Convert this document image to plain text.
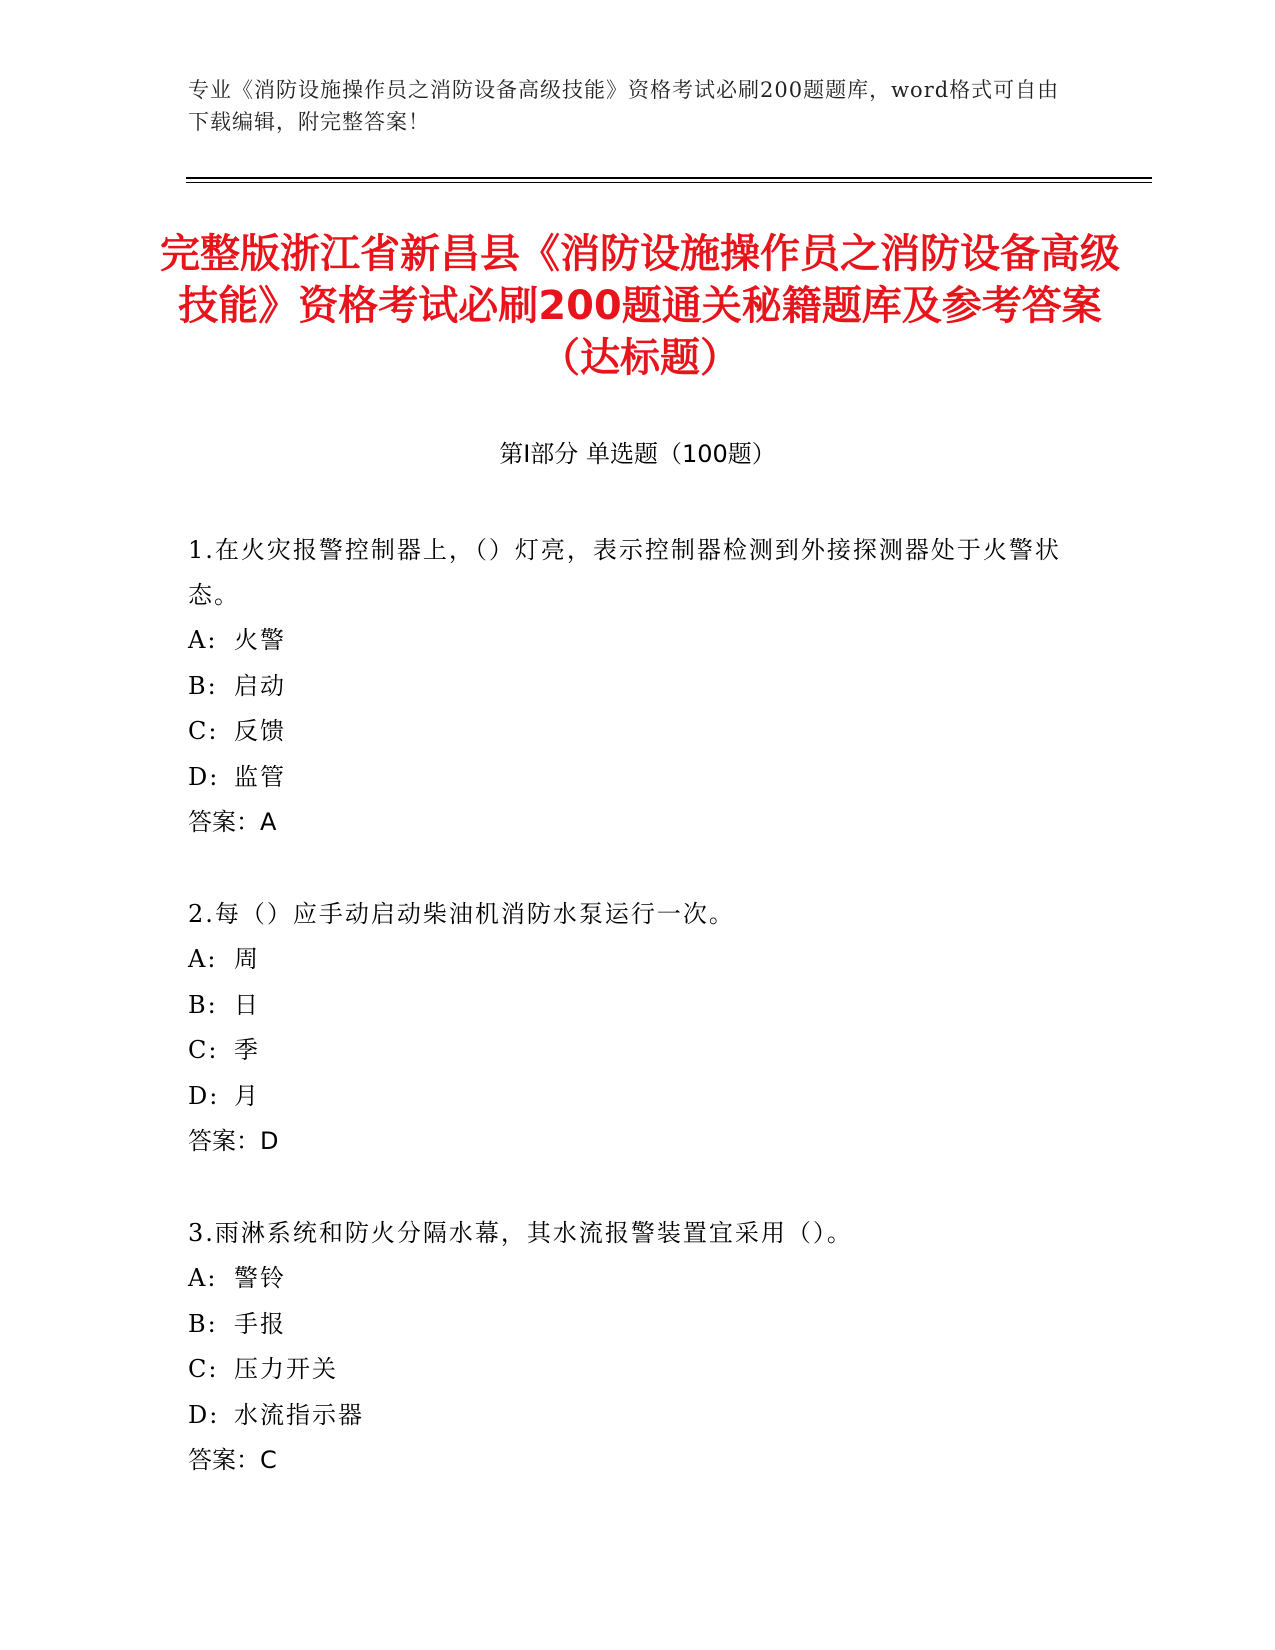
专业《消防设施操作员之消防设备高级技能》资格考试必刷200题题库，word格式可自由下载编辑，附完整答案！
完整版浙江省新昌县《消防设施操作员之消防设备高级技能》资格考试必刷200题通关秘籍题库及参考答案（达标题）
第I部分 单选题（100题）

1.在火灾报警控制器上，（）灯亮，表示控制器检测到外接探测器处于火警状态。

A: 火警

B: 启动

C: 反馈

D: 监管

答案：A

2.每（）应手动启动柴油机消防水泵运行一次。

A: 周

B: 日

C: 季

D: 月

答案：D

3.雨淋系统和防火分隔水幕，其水流报警装置宜采用（）。

A: 警铃

B: 手报

C: 压力开关

D: 水流指示器

答案：C
